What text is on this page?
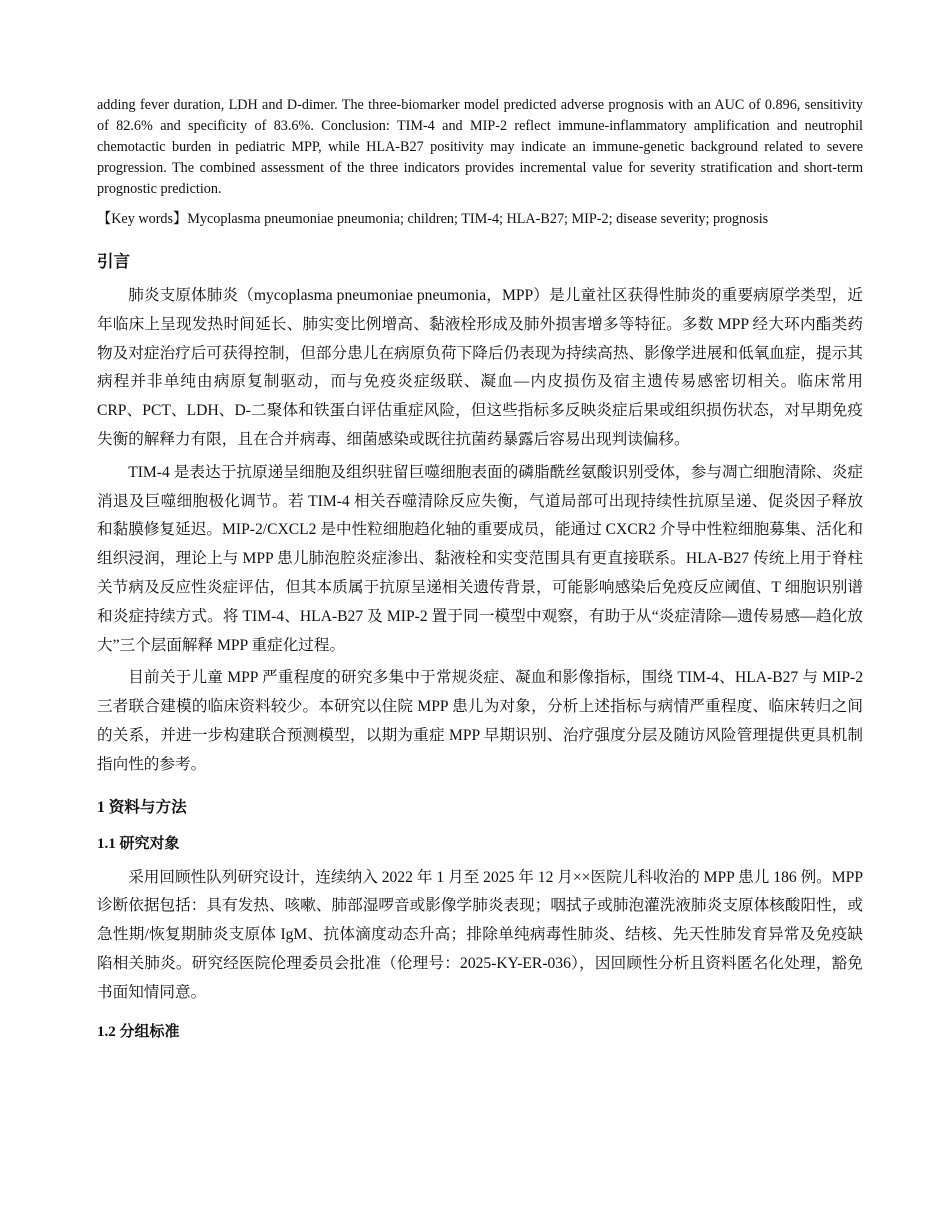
adding fever duration, LDH and D-dimer. The three-biomarker model predicted adverse prognosis with an AUC of 0.896, sensitivity of 82.6% and specificity of 83.6%. Conclusion: TIM-4 and MIP-2 reflect immune-inflammatory amplification and neutrophil chemotactic burden in pediatric MPP, while HLA-B27 positivity may indicate an immune-genetic background related to severe progression. The combined assessment of the three indicators provides incremental value for severity stratification and short-term prognostic prediction.

【Key words】Mycoplasma pneumoniae pneumonia; children; TIM-4; HLA-B27; MIP-2; disease severity; prognosis

引言

肺炎支原体肺炎（mycoplasma pneumoniae pneumonia，MPP）是儿童社区获得性肺炎的重要病原学类型，近年临床上呈现发热时间延长、肺实变比例增高、黏液栓形成及肺外损害增多等特征。多数 MPP 经大环内酯类药物及对症治疗后可获得控制，但部分患儿在病原负荷下降后仍表现为持续高热、影像学进展和低氧血症，提示其病程并非单纯由病原复制驱动，而与免疫炎症级联、凝血—内皮损伤及宿主遗传易感密切相关。临床常用 CRP、PCT、LDH、D-二聚体和铁蛋白评估重症风险，但这些指标多反映炎症后果或组织损伤状态，对早期免疫失衡的解释力有限，且在合并病毒、细菌感染或既往抗菌药暴露后容易出现判读偏移。

TIM-4 是表达于抗原递呈细胞及组织驻留巨噬细胞表面的磷脂酰丝氨酸识别受体，参与凋亡细胞清除、炎症消退及巨噬细胞极化调节。若 TIM-4 相关吞噬清除反应失衡，气道局部可出现持续性抗原呈递、促炎因子释放和黏膜修复延迟。MIP-2/CXCL2 是中性粒细胞趋化轴的重要成员，能通过 CXCR2 介导中性粒细胞募集、活化和组织浸润，理论上与 MPP 患儿肺泡腔炎症渗出、黏液栓和实变范围具有更直接联系。HLA-B27 传统上用于脊柱关节病及反应性炎症评估，但其本质属于抗原呈递相关遗传背景，可能影响感染后免疫反应阈值、T 细胞识别谱和炎症持续方式。将 TIM-4、HLA-B27 及 MIP-2 置于同一模型中观察，有助于从“炎症清除—遗传易感—趋化放大”三个层面解释 MPP 重症化过程。

目前关于儿童 MPP 严重程度的研究多集中于常规炎症、凝血和影像指标，围绕 TIM-4、HLA-B27 与 MIP-2 三者联合建模的临床资料较少。本研究以住院 MPP 患儿为对象，分析上述指标与病情严重程度、临床转归之间的关系，并进一步构建联合预测模型，以期为重症 MPP 早期识别、治疗强度分层及随访风险管理提供更具机制指向性的参考。

1 资料与方法
1.1 研究对象

采用回顾性队列研究设计，连续纳入 2022 年 1 月至 2025 年 12 月××医院儿科收治的 MPP 患儿 186 例。MPP 诊断依据包括：具有发热、咳嗽、肺部湿啰音或影像学肺炎表现；咽拭子或肺泡灌洗液肺炎支原体核酸阳性，或急性期/恢复期肺炎支原体 IgM、抗体滴度动态升高；排除单纯病毒性肺炎、结核、先天性肺发育异常及免疫缺陷相关肺炎。研究经医院伦理委员会批准（伦理号：2025-KY-ER-036），因回顾性分析且资料匿名化处理，豁免书面知情同意。

1.2 分组标准
